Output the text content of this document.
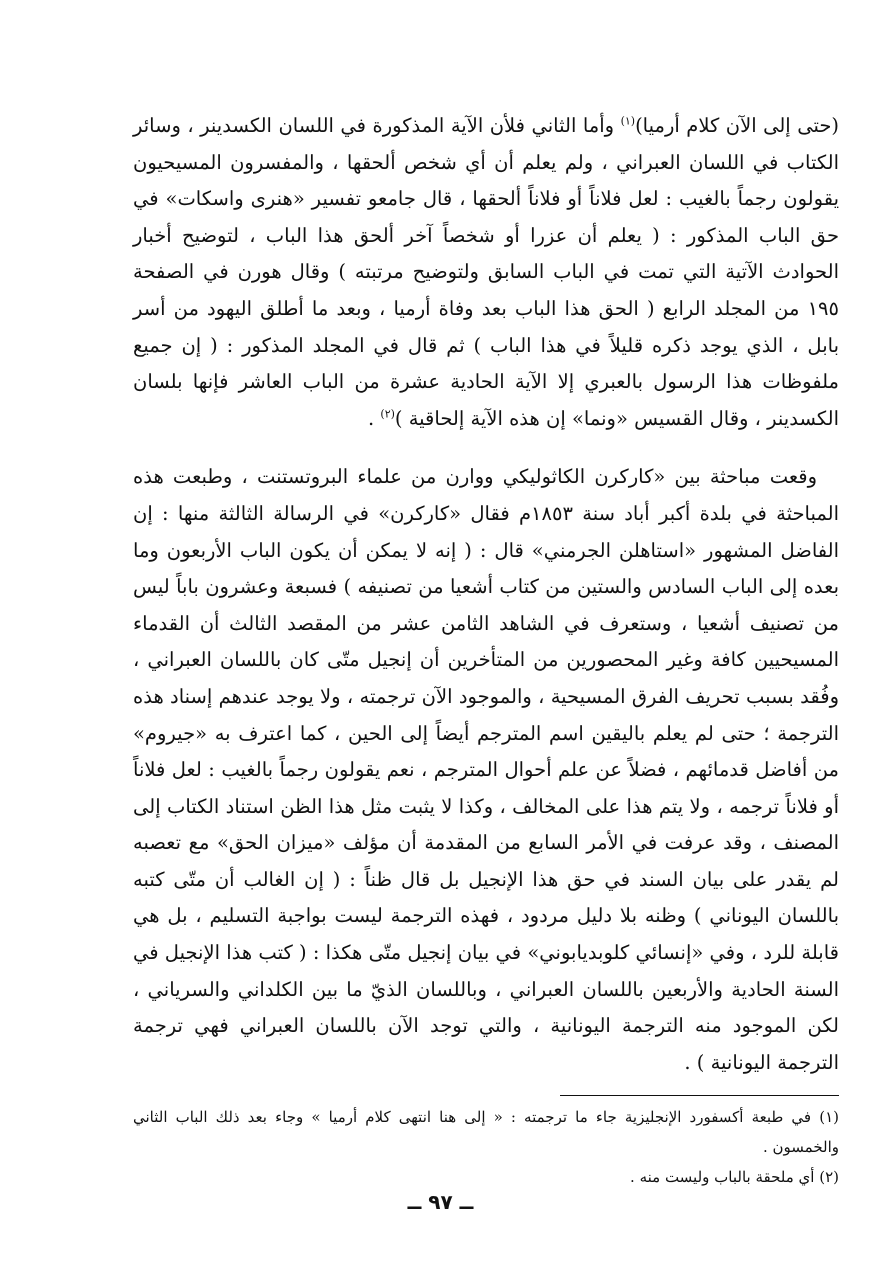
(حتى إلى الآن كلام أرميا)$^{(١)}$ وأما الثاني فلأن الآية المذكورة في اللسان الكسدينر ، وسائر الكتاب في اللسان العبراني ، ولم يعلم أن أي شخص ألحقها ، والمفسرون المسيحيون يقولون رجماً بالغيب : لعل فلاناً أو فلاناً ألحقها ، قال جامعو تفسير «هنرى واسكات» في حق الباب المذكور : ( يعلم أن عزرا أو شخصاً آخر ألحق هذا الباب ، لتوضيح أخبار الحوادث الآتية التي تمت في الباب السابق ولتوضيح مرتبته ) وقال هورن في الصفحة ١٩٥ من المجلد الرابع ( الحق هذا الباب بعد وفاة أرميا ، وبعد ما أطلق اليهود من أسر بابل ، الذي يوجد ذكره قليلاً في هذا الباب ) ثم قال في المجلد المذكور : ( إن جميع ملفوظات هذا الرسول بالعبري إلا الآية الحادية عشرة من الباب العاشر فإنها بلسان الكسدينر ، وقال القسيس «ونما» إن هذه الآية إلحاقية )$^{(٢)}$ .

وقعت مباحثة بين «كاركرن الكاثوليكي ووارن من علماء البروتستنت ، وطبعت هذه المباحثة في بلدة أكبر أباد سنة ١٨٥٣م فقال «كاركرن» في الرسالة الثالثة منها : إن الفاضل المشهور «استاهلن الجرمني» قال : ( إنه لا يمكن أن يكون الباب الأربعون وما بعده إلى الباب السادس والستين من كتاب أشعيا من تصنيفه ) فسبعة وعشرون باباً ليس من تصنيف أشعيا ، وستعرف في الشاهد الثامن عشر من المقصد الثالث أن القدماء المسيحيين كافة وغير المحصورين من المتأخرين أن إنجيل متّى كان باللسان العبراني ، وفُقد بسبب تحريف الفرق المسيحية ، والموجود الآن ترجمته ، ولا يوجد عندهم إسناد هذه الترجمة ؛ حتى لم يعلم باليقين اسم المترجم أيضاً إلى الحين ، كما اعترف به «جيروم» من أفاضل قدمائهم ، فضلاً عن علم أحوال المترجم ، نعم يقولون رجماً بالغيب : لعل فلاناً أو فلاناً ترجمه ، ولا يتم هذا على المخالف ، وكذا لا يثبت مثل هذا الظن استناد الكتاب إلى المصنف ، وقد عرفت في الأمر السابع من المقدمة أن مؤلف «ميزان الحق» مع تعصبه لم يقدر على بيان السند في حق هذا الإنجيل بل قال ظناً : ( إن الغالب أن متّى كتبه باللسان اليوناني ) وظنه بلا دليل مردود ، فهذه الترجمة ليست بواجبة التسليم ، بل هي قابلة للرد ، وفي «إنسائي كلوبديابوني» في بيان إنجيل متّى هكذا : ( كتب هذا الإنجيل في السنة الحادية والأربعين باللسان العبراني ، وباللسان الذيّ ما بين الكلداني والسرياني ، لكن الموجود منه الترجمة اليونانية ، والتي توجد الآن باللسان العبراني فهي ترجمة الترجمة اليونانية ) .

(١) في طبعة أكسفورد الإنجليزية جاء ما ترجمته : « إلى هنا انتهى كلام أرميا » وجاء بعد ذلك الباب الثاني والخمسون .

(٢) أي ملحقة بالباب وليست منه .

ــ ٩٧ ــ
